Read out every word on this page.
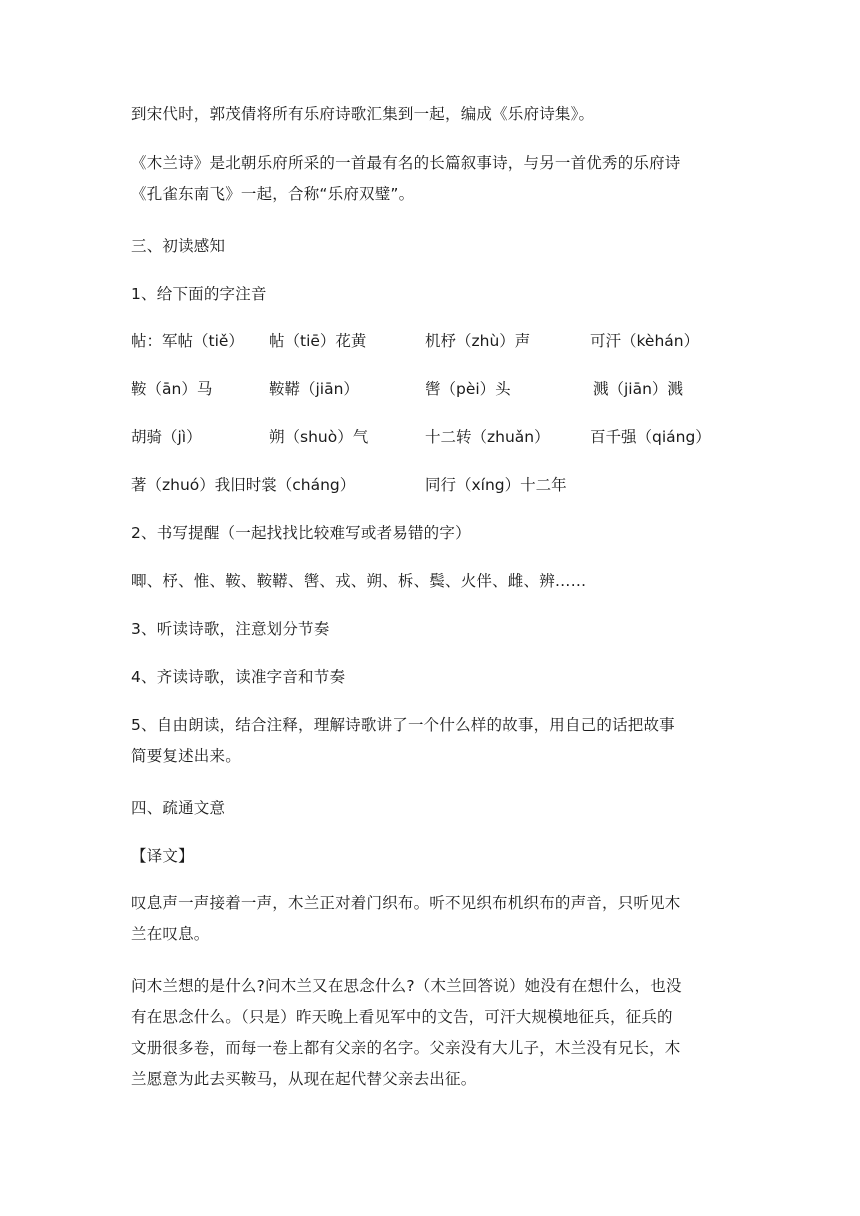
到宋代时，郭茂倩将所有乐府诗歌汇集到一起，编成《乐府诗集》。
《木兰诗》是北朝乐府所采的一首最有名的长篇叙事诗，与另一首优秀的乐府诗
《孔雀东南飞》一起，合称“乐府双璧”。
三、初读感知
1、给下面的字注音
帖：军帖（tiě） 帖（tiē）花黄	机杼（zhù）声	可汗（kèhán）
鞍（ān）马	鞍鞯（jiān）	辔（pèi）头	溅（jiān）溅
胡骑（jì）	朔（shuò）气	十二转（zhuǎn）	百千强（qiáng）
著（zhuó）我旧时裳（cháng）	同行（xíng）十二年
2、书写提醒（一起找找比较难写或者易错的字）
唧、杼、惟、鞍、鞍鞯、辔、戎、朔、柝、鬓、火伴、雌、辨……
3、听读诗歌，注意划分节奏
4、齐读诗歌，读准字音和节奏
5、自由朗读，结合注释，理解诗歌讲了一个什么样的故事，用自己的话把故事
简要复述出来。
四、疏通文意
【译文】
叹息声一声接着一声，木兰正对着门织布。听不见织布机织布的声音，只听见木
兰在叹息。
问木兰想的是什么?问木兰又在思念什么?（木兰回答说）她没有在想什么，也没
有在思念什么。（只是）昨天晚上看见军中的文告，可汗大规模地征兵，征兵的
文册很多卷，而每一卷上都有父亲的名字。父亲没有大儿子，木兰没有兄长，木
兰愿意为此去买鞍马，从现在起代替父亲去出征。
